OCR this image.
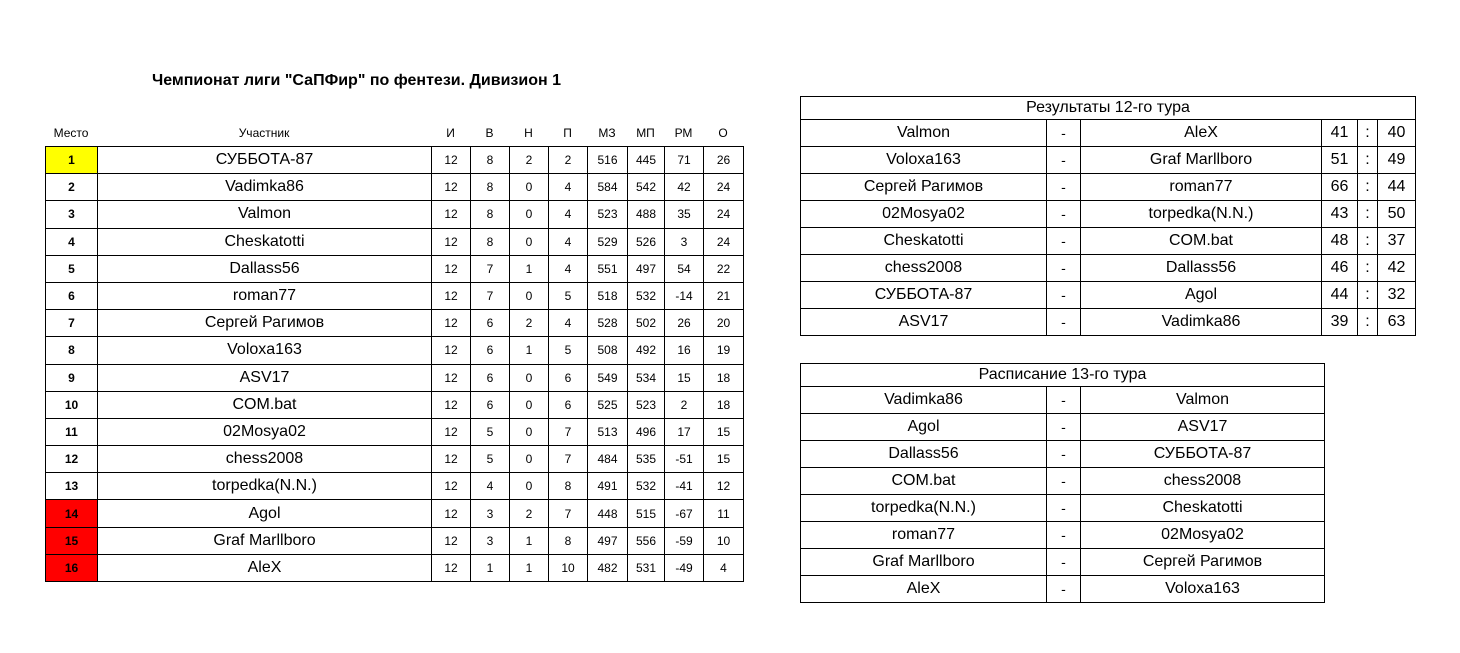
Чемпионат лиги "СаПФир" по фентези. Дивизион 1
Место	Участник	И	В	Н	П	МЗ	МП	РМ	О
1	СУББОТА-87	12	8	2	2	516	445	71	26
2	Vadimka86	12	8	0	4	584	542	42	24
3	Valmon	12	8	0	4	523	488	35	24
4	Cheskatotti	12	8	0	4	529	526	3	24
5	Dallass56	12	7	1	4	551	497	54	22
6	roman77	12	7	0	5	518	532	-14	21
7	Сергей Рагимов	12	6	2	4	528	502	26	20
8	Voloxa163	12	6	1	5	508	492	16	19
9	ASV17	12	6	0	6	549	534	15	18
10	COM.bat	12	6	0	6	525	523	2	18
11	02Mosya02	12	5	0	7	513	496	17	15
12	chess2008	12	5	0	7	484	535	-51	15
13	torpedka(N.N.)	12	4	0	8	491	532	-41	12
14	Agol	12	3	2	7	448	515	-67	11
15	Graf Marllboro	12	3	1	8	497	556	-59	10
16	AleX	12	1	1	10	482	531	-49	4
Результаты 12-го тура					
Valmon	-	AleX	41	:	40
Voloxa163	-	Graf Marllboro	51	:	49
Сергей Рагимов	-	roman77	66	:	44
02Mosya02	-	torpedka(N.N.)	43	:	50
Cheskatotti	-	COM.bat	48	:	37
chess2008	-	Dallass56	46	:	42
СУББОТА-87	-	Agol	44	:	32
ASV17	-	Vadimka86	39	:	63
Расписание 13-го тура		
Vadimka86	-	Valmon
Agol	-	ASV17
Dallass56	-	СУББОТА-87
COM.bat	-	chess2008
torpedka(N.N.)	-	Cheskatotti
roman77	-	02Mosya02
Graf Marllboro	-	Сергей Рагимов
AleX	-	Voloxa163
